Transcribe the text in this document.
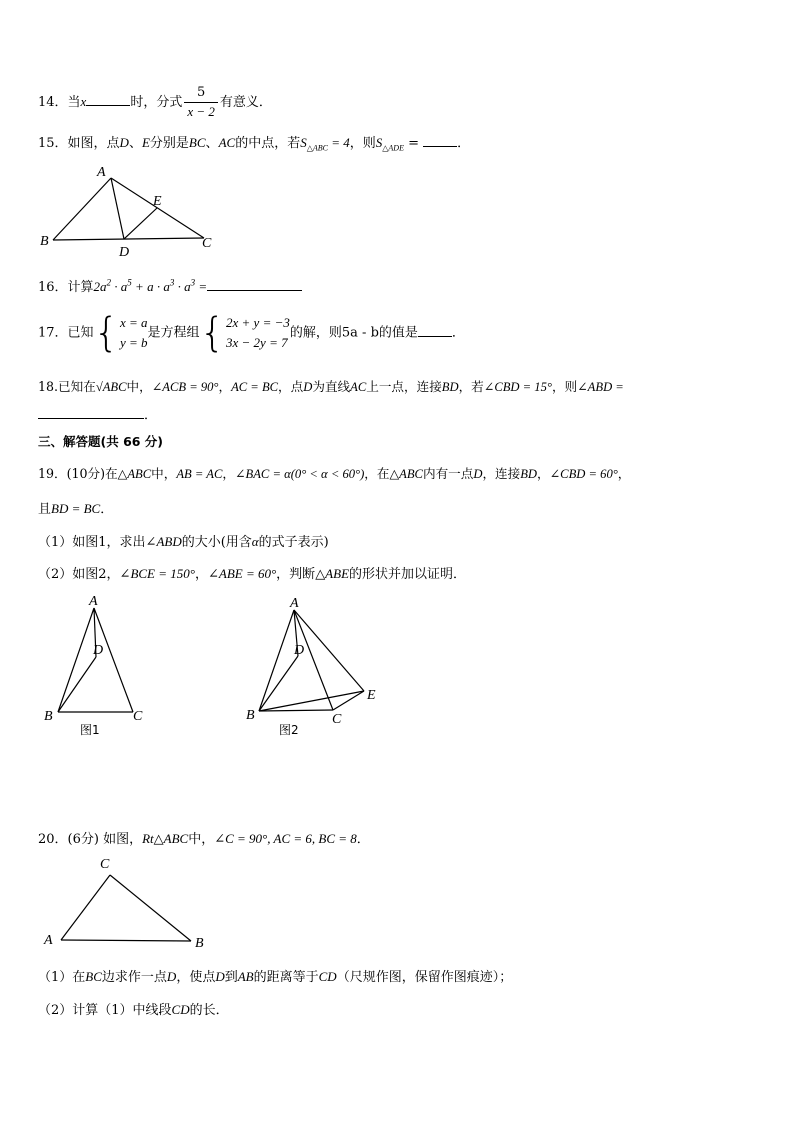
14．当x	时，分式 $\frac{5}{x - 2}$ 有意义．
15．如图，点D、E分别是BC、AC的中点，若$S_{\triangle ABC} = 4$，则$S_{\triangle ADE}$ =	．
A
B	C
D
E
16．计算$2a^2 \cdot a^5 + a \cdot a^3 \cdot a^3$ =
17．已知{ x = a
y = b
是方程组{ 2x + y = −3
3x − 2y = 7
的解，则5a - b的值是	．
18.已知在√ABC中，∠ACB = 90°，AC = BC，点D为直线AC上一点，连接BD，若∠CBD = 15°，则∠ABD =
．
三、解答题(共 66 分)
19．(10分)在△ABC中，AB = AC，∠BAC = α(0° < α < 60°)，在△ABC内有一点D，连接BD，∠CBD = 60°，
且BD = BC．
（1）如图1，求出∠ABD的大小(用含α的式子表示)
（2）如图2，∠BCE = 150°，∠ABE = 60°，判断△ABE的形状并加以证明．
A
B	C
D
图1
A
B	C
D
E
图2
20．(6分) 如图，Rt△ABC中，∠C = 90°, AC = 6, BC = 8．
C
A	B
（1）在BC边求作一点D，使点D到AB的距离等于CD（尺规作图，保留作图痕迹）；
（2）计算（1）中线段CD的长．
